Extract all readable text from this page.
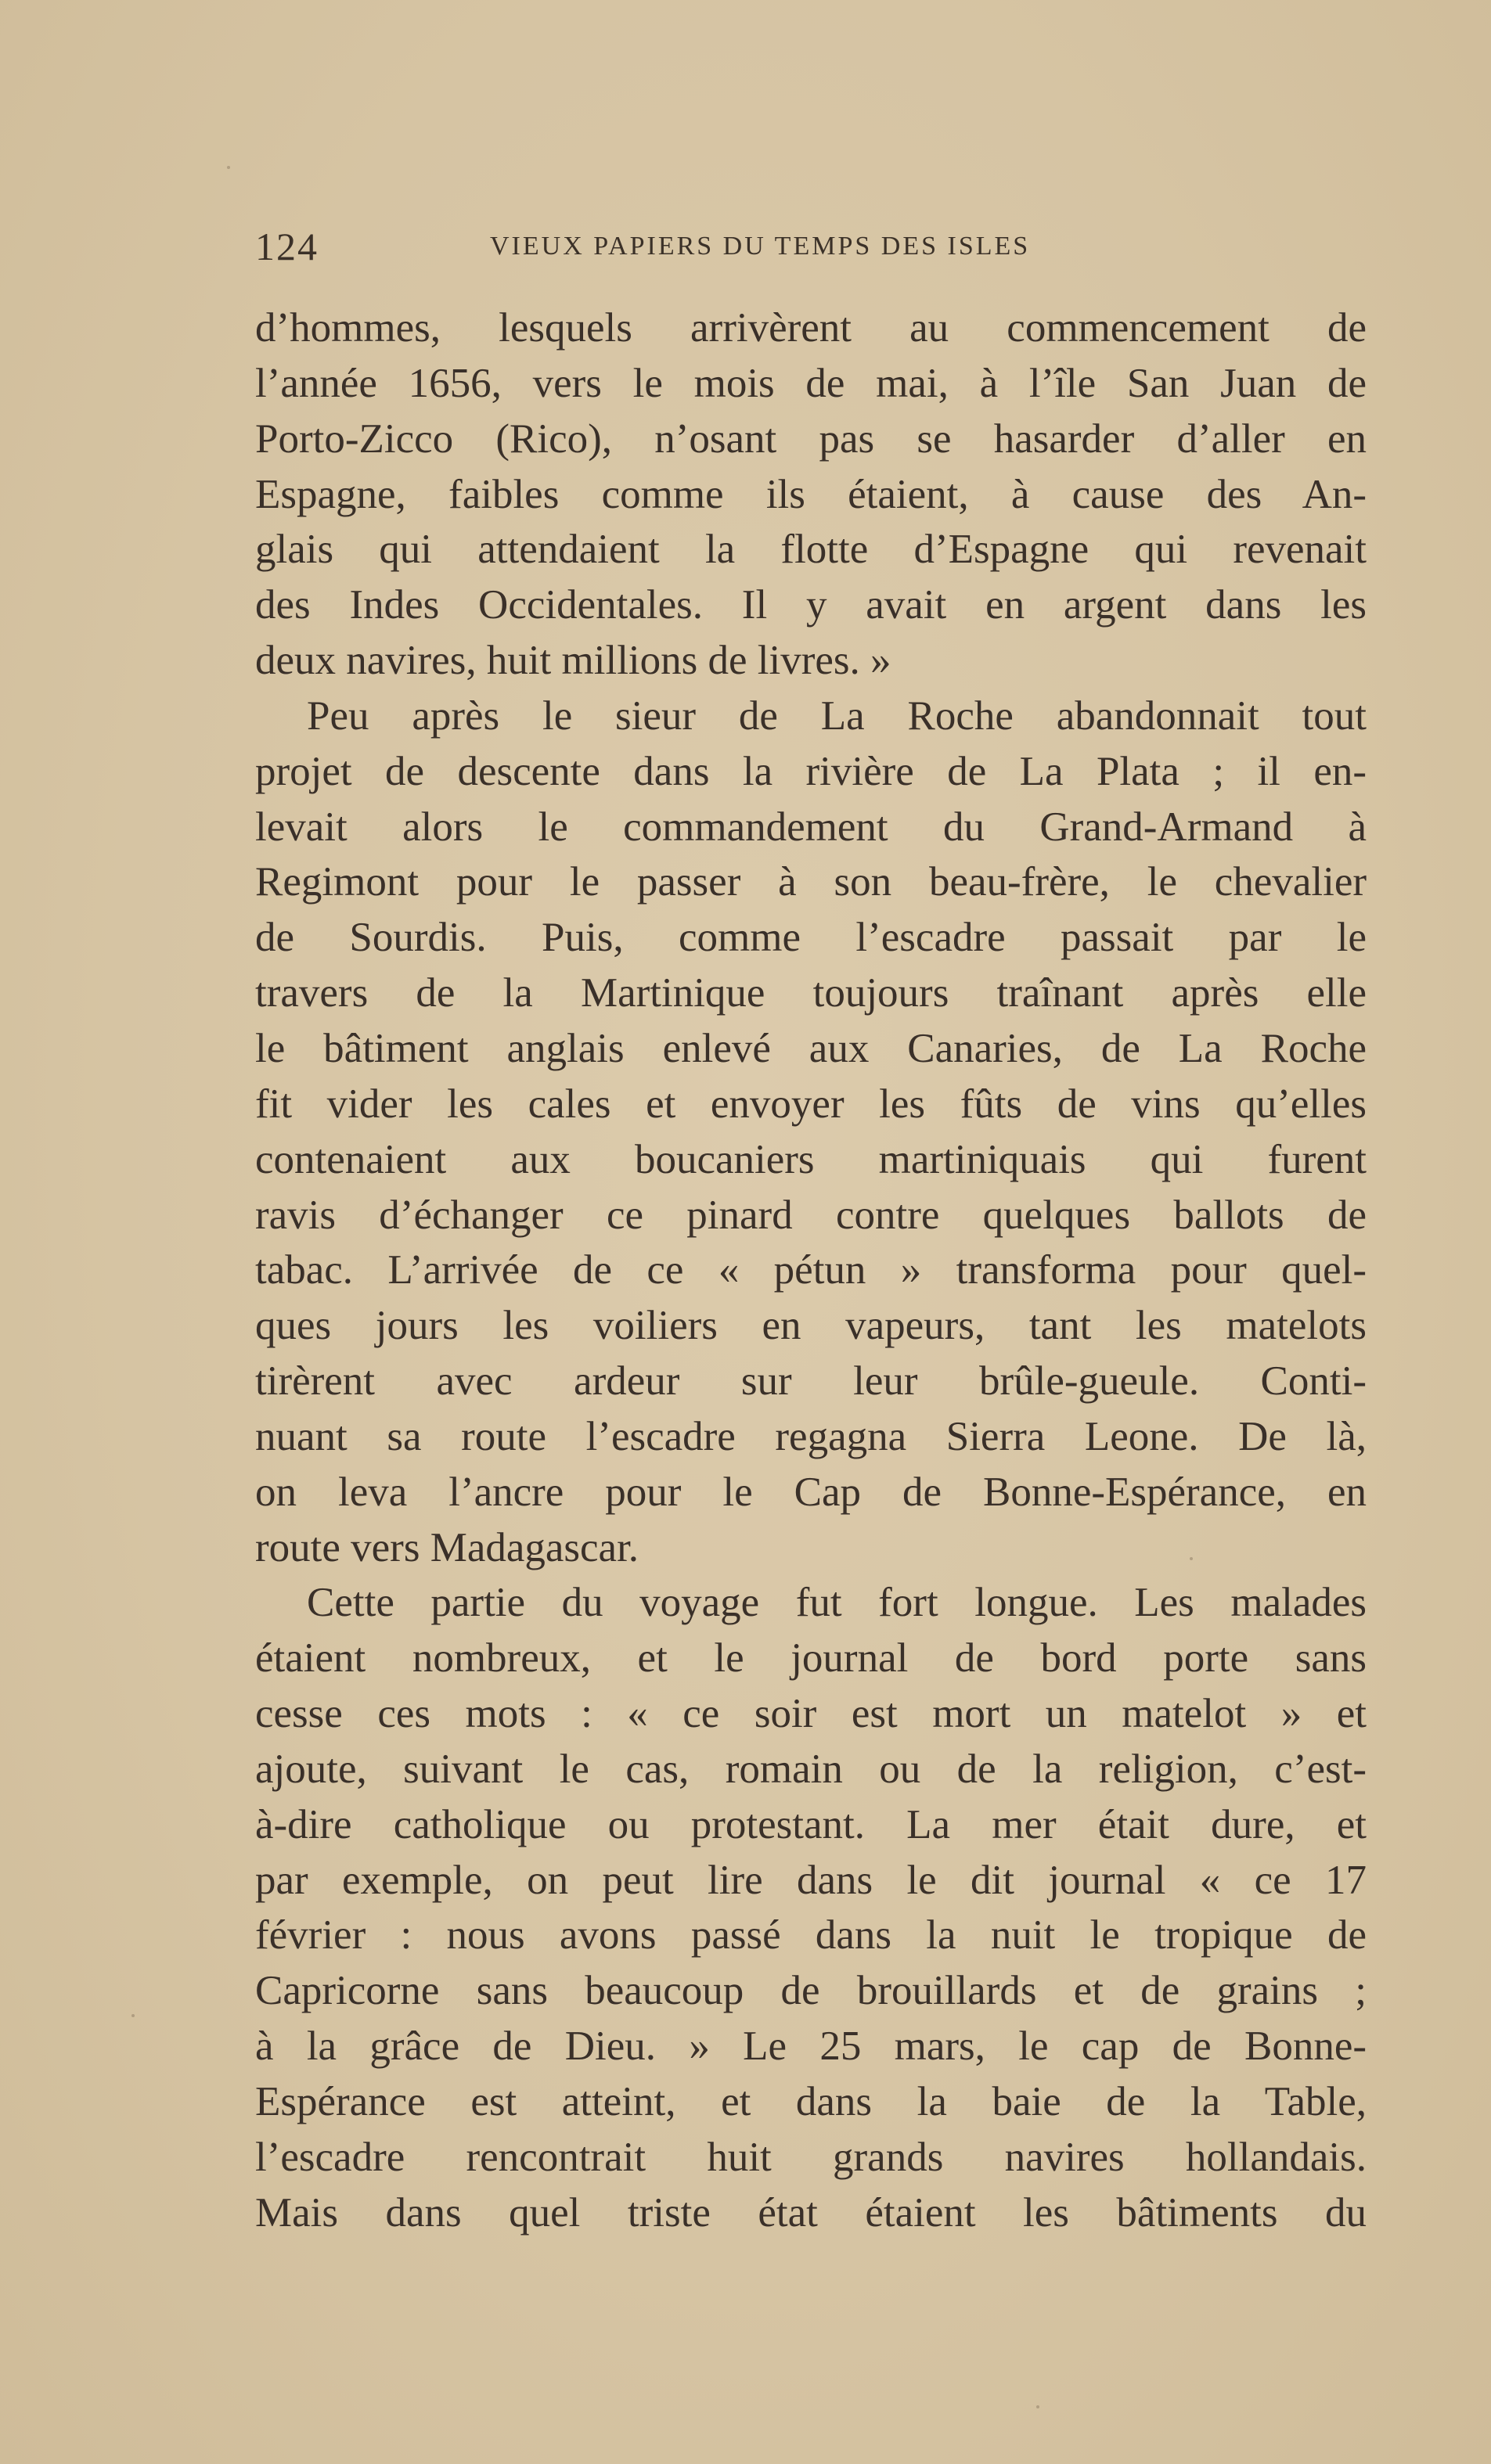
124	VIEUX PAPIERS DU TEMPS DES ISLES
d’hommes, lesquels arrivèrent au commencement de
l’année 1656, vers le mois de mai, à l’île San Juan de
Porto-Zicco (Rico), n’osant pas se hasarder d’aller en
Espagne, faibles comme ils étaient, à cause des An-
glais qui attendaient la flotte d’Espagne qui revenait
des Indes Occidentales. Il y avait en argent dans les
deux navires, huit millions de livres. »
Peu après le sieur de La Roche abandonnait tout
projet de descente dans la rivière de La Plata ; il en-
levait alors le commandement du Grand-Armand à
Regimont pour le passer à son beau-frère, le chevalier
de Sourdis. Puis, comme l’escadre passait par le
travers de la Martinique toujours traînant après elle
le bâtiment anglais enlevé aux Canaries, de La Roche
fit vider les cales et envoyer les fûts de vins qu’elles
contenaient aux boucaniers martiniquais qui furent
ravis d’échanger ce pinard contre quelques ballots de
tabac. L’arrivée de ce « pétun » transforma pour quel-
ques jours les voiliers en vapeurs, tant les matelots
tirèrent avec ardeur sur leur brûle-gueule. Conti-
nuant sa route l’escadre regagna Sierra Leone. De là,
on leva l’ancre pour le Cap de Bonne-Espérance, en
route vers Madagascar.
Cette partie du voyage fut fort longue. Les malades
étaient nombreux, et le journal de bord porte sans
cesse ces mots : « ce soir est mort un matelot » et
ajoute, suivant le cas, romain ou de la religion, c’est-
à-dire catholique ou protestant. La mer était dure, et
par exemple, on peut lire dans le dit journal « ce 17
février : nous avons passé dans la nuit le tropique de
Capricorne sans beaucoup de brouillards et de grains ;
à la grâce de Dieu. » Le 25 mars, le cap de Bonne-
Espérance est atteint, et dans la baie de la Table,
l’escadre rencontrait huit grands navires hollandais.
Mais dans quel triste état étaient les bâtiments du
